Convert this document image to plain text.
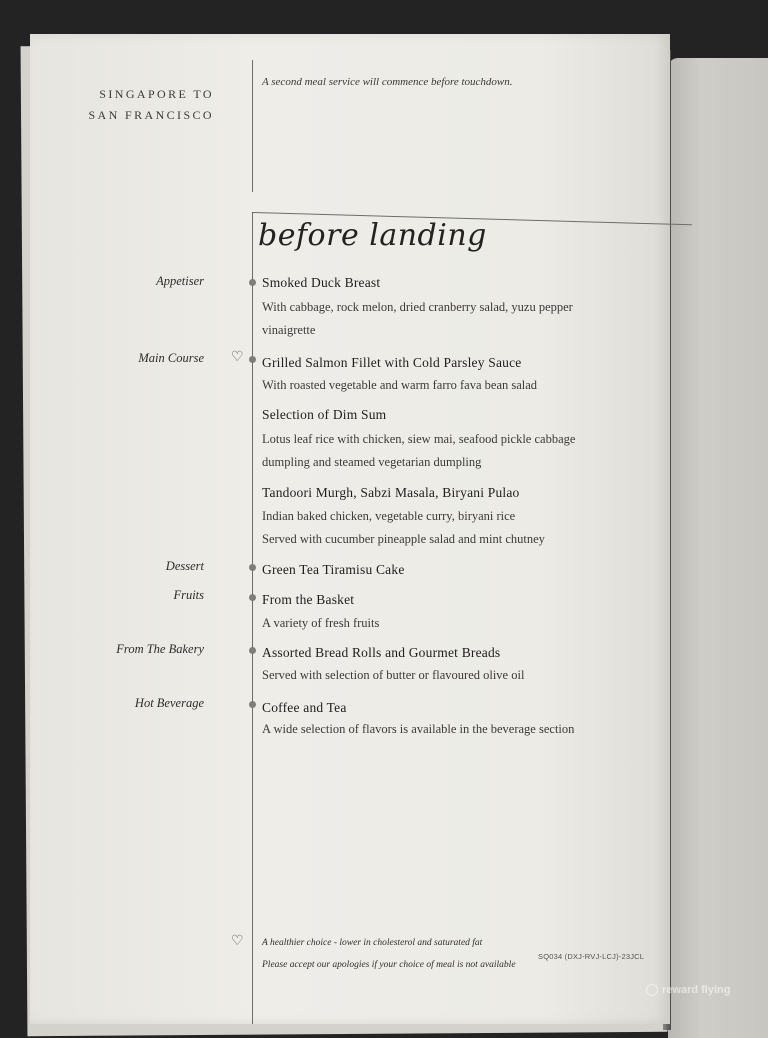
SINGAPORE TO
SAN FRANCISCO
A second meal service will commence before touchdown.
before landing
Appetiser	Smoked Duck Breast
With cabbage, rock melon, dried cranberry salad, yuzu pepper
vinaigrette
Main Course ♡ Grilled Salmon Fillet with Cold Parsley Sauce
With roasted vegetable and warm farro fava bean salad
Selection of Dim Sum
Lotus leaf rice with chicken, siew mai, seafood pickle cabbage
dumpling and steamed vegetarian dumpling
Tandoori Murgh, Sabzi Masala, Biryani Pulao
Indian baked chicken, vegetable curry, biryani rice
Served with cucumber pineapple salad and mint chutney
Dessert	Green Tea Tiramisu Cake
Fruits	From the Basket
A variety of fresh fruits
From The Bakery	Assorted Bread Rolls and Gourmet Breads
Served with selection of butter or flavoured olive oil
Hot Beverage	Coffee and Tea
A wide selection of flavors is available in the beverage section
♡ A healthier choice - lower in cholesterol and saturated fat
Please accept our apologies if your choice of meal is not available
SQ034 (DXJ-RVJ-LCJ)-23JCL
reward flying
